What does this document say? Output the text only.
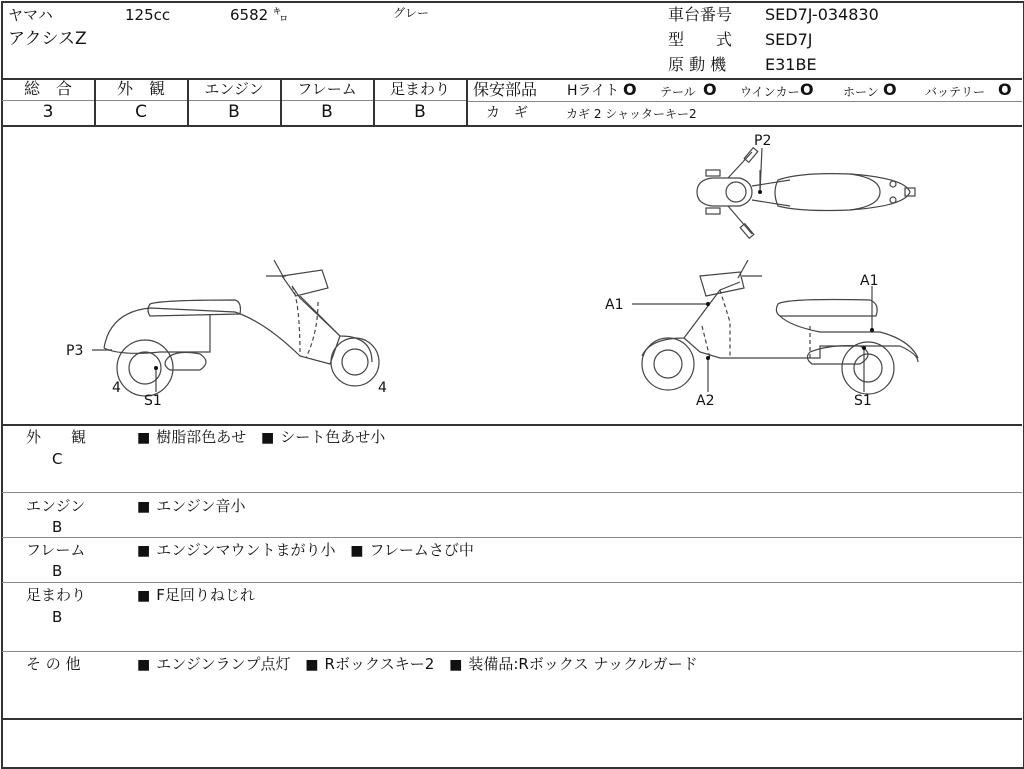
ヤマハ	125cc	6582 ㌔	グレー
アクシスZ
車台番号 SED7J-034830
型　　式 SED7J
原 動 機 E31BE
総　合
3
外　観
C
エンジン
B
フレーム
B
足まわり
B
保安部品 Hライト O テール O ウインカー O ホーン O バッテリー O
カ　ギ	カギ 2 シャッターキー2
P2
P3
S1
4	4
A1
A1
A2	S1
外　　観
C
■ 樹脂部色あせ ■ シート色あせ小
エンジン
B
■ エンジン音小
フレーム
B
■ エンジンマウントまがり小 ■ フレームさび中
足まわり
B
■ F足回りねじれ
そ の 他	■ エンジンランプ点灯 ■ Rボックスキー2 ■ 装備品:Rボックス ナックルガード
